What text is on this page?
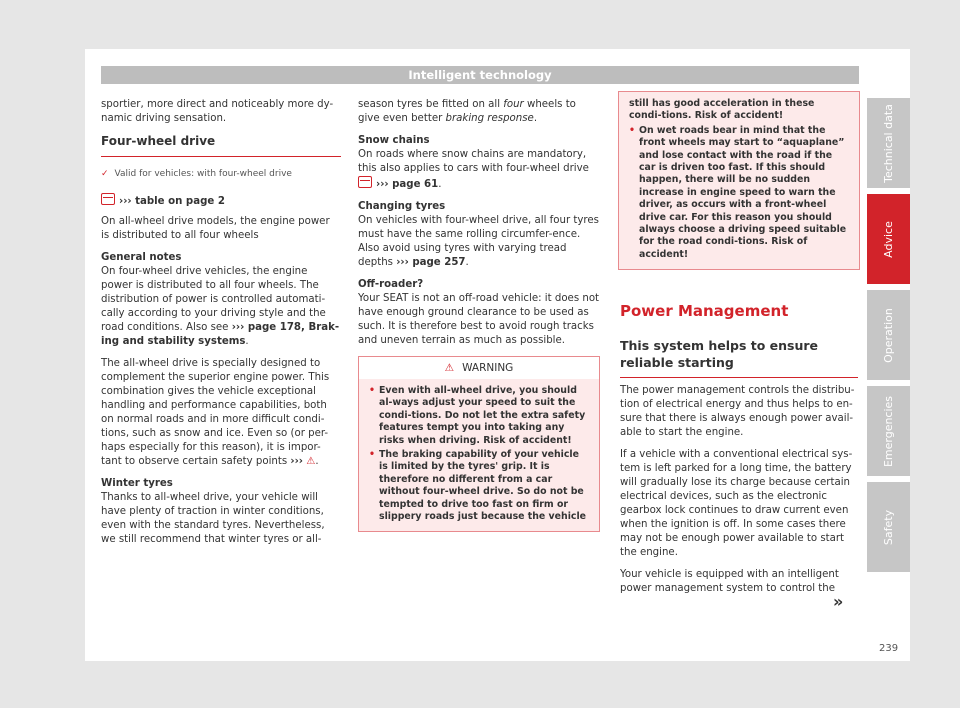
Intelligent technology

sportier, more direct and noticeably more dy-namic driving sensation.

Four-wheel drive
✓ Valid for vehicles: with four-wheel drive

››› table on page 2

On all-wheel drive models, the engine power is distributed to all four wheels

General notes

On four-wheel drive vehicles, the engine power is distributed to all four wheels. The distribution of power is controlled automati-cally according to your driving style and the road conditions. Also see ››› page 178, Brak-ing and stability systems.

The all-wheel drive is specially designed to complement the superior engine power. This combination gives the vehicle exceptional handling and performance capabilities, both on normal roads and in more difficult condi-tions, such as snow and ice. Even so (or per-haps especially for this reason), it is impor-tant to observe certain safety points ››› ⚠.

Winter tyres

Thanks to all-wheel drive, your vehicle will have plenty of traction in winter conditions, even with the standard tyres. Nevertheless, we still recommend that winter tyres or all-

season tyres be fitted on all four wheels to give even better braking response.

Snow chains

On roads where snow chains are mandatory, this also applies to cars with four-wheel drive ››› page 61.

Changing tyres

On vehicles with four-wheel drive, all four tyres must have the same rolling circumfer-ence. Also avoid using tyres with varying tread depths ››› page 257.

Off-roader?

Your SEAT is not an off-road vehicle: it does not have enough ground clearance to be used as such. It is therefore best to avoid rough tracks and uneven terrain as much as possible.

⚠ WARNING
• Even with all-wheel drive, you should al-ways adjust your speed to suit the condi-tions. Do not let the extra safety features tempt you into taking any risks when driving. Risk of accident!
• The braking capability of your vehicle is limited by the tyres' grip. It is therefore no different from a car without four-wheel drive. So do not be tempted to drive too fast on firm or slippery roads just because the vehicle
still has good acceleration in these condi-tions. Risk of accident!
• On wet roads bear in mind that the front wheels may start to “aquaplane” and lose contact with the road if the car is driven too fast. If this should happen, there will be no sudden increase in engine speed to warn the driver, as occurs with a front-wheel drive car. For this reason you should always choose a driving speed suitable for the road condi-tions. Risk of accident!
Power Management
This system helps to ensure reliable starting

The power management controls the distribu-tion of electrical energy and thus helps to en-sure that there is always enough power avail-able to start the engine.

If a vehicle with a conventional electrical sys-tem is left parked for a long time, the battery will gradually lose its charge because certain electrical devices, such as the electronic gearbox lock continues to draw current even when the ignition is off. In some cases there may not be enough power available to start the engine.

Your vehicle is equipped with an intelligent power management system to control the

»
239
Technical data
Advice
Operation
Emergencies
Safety
